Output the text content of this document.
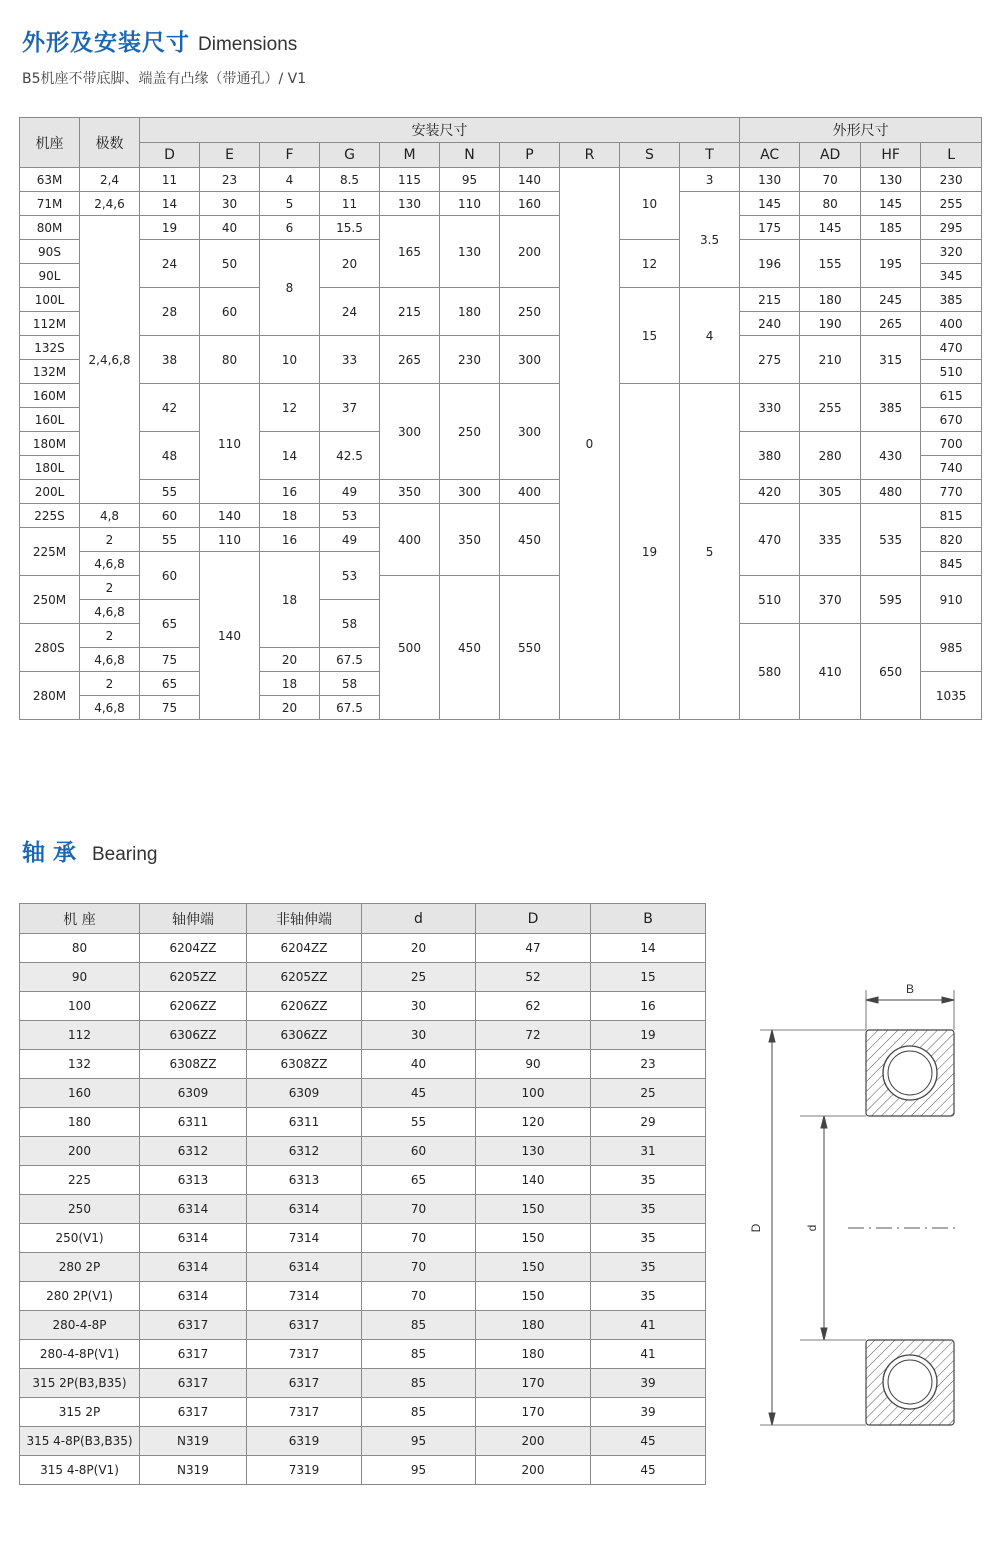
外形及安装尺寸 Dimensions
B5机座不带底脚、端盖有凸缘（带通孔）/ V1
机座	极数	安装尺寸										外形尺寸			
		D	E	F	G	M	N	P	R	S	T	AC	AD	HF	L
63M	2,4	11	23	4	8.5	115	95	140	0	10	3	130	70	130	230
71M	2,4,6	14	30	5	11	130	110	160			3.5	145	80	145	255
80M	2,4,6,8	19	40	6	15.5	165	130	200				175	145	185	295
90S		24	50	8	20					12		196	155	195	320
90L															345
100L		28	60		24	215	180	250		15	4	215	180	245	385
112M												240	190	265	400
132S		38	80	10	33	265	230	300				275	210	315	470
132M															510
160M		42	110	12	37	300	250	300		19	5	330	255	385	615
160L															670
180M		48		14	42.5							380	280	430	700
180L															740
200L		55		16	49	350	300	400				420	305	480	770
225S	4,8	60	140	18	53	400	350	450				470	335	535	815
225M	2	55	110	16	49										820
	4,6,8	60	140	18	53										845
250M	2					500	450	550				510	370	595	910
	4,6,8	65			58										
280S	2											580	410	650	985
	4,6,8	75		20	67.5										
280M	2	65		18	58										1035
	4,6,8	75		20	67.5										
轴承 Bearing
机 座	轴伸端	非轴伸端	d	D	B
80	6204ZZ	6204ZZ	20	47	14
90	6205ZZ	6205ZZ	25	52	15
100	6206ZZ	6206ZZ	30	62	16
112	6306ZZ	6306ZZ	30	72	19
132	6308ZZ	6308ZZ	40	90	23
160	6309	6309	45	100	25
180	6311	6311	55	120	29
200	6312	6312	60	130	31
225	6313	6313	65	140	35
250	6314	6314	70	150	35
250(V1)	6314	7314	70	150	35
280 2P	6314	6314	70	150	35
280 2P(V1)	6314	7314	70	150	35
280-4-8P	6317	6317	85	180	41
280-4-8P(V1)	6317	7317	85	180	41
315 2P(B3,B35)	6317	6317	85	170	39
315 2P	6317	7317	85	170	39
315 4-8P(B3,B35)	N319	6319	95	200	45
315 4-8P(V1)	N319	7319	95	200	45
B
D	d
